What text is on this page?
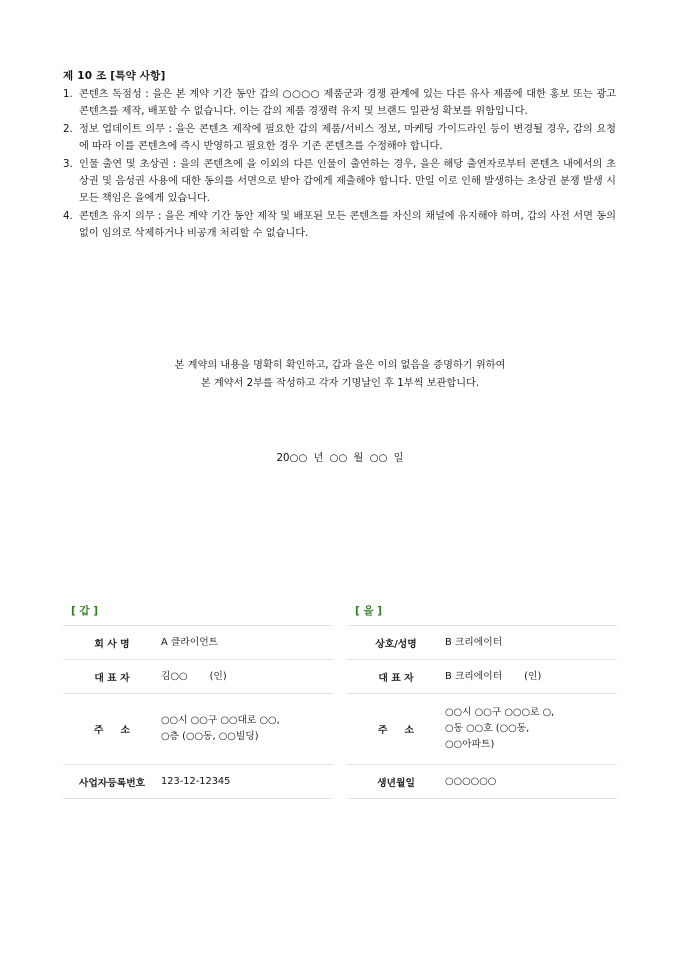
제 10 조 [특약 사항]
1. 콘텐츠 독점성 : 을은 본 계약 기간 동안 갑의 ○○○○ 제품군과 경쟁 관계에 있는 다른 유사 제품에 대한 홍보 또는 광고 콘텐츠를 제작, 배포할 수 없습니다. 이는 갑의 제품 경쟁력 유지 및 브랜드 일관성 확보를 위함입니다.
2. 정보 업데이트 의무 : 을은 콘텐츠 제작에 필요한 갑의 제품/서비스 정보, 마케팅 가이드라인 등이 변경될 경우, 갑의 요청에 따라 이를 콘텐츠에 즉시 반영하고 필요한 경우 기존 콘텐츠를 수정해야 합니다.
3. 인물 출연 및 초상권 : 을의 콘텐츠에 을 이외의 다른 인물이 출연하는 경우, 을은 해당 출연자로부터 콘텐츠 내에서의 초상권 및 음성권 사용에 대한 동의를 서면으로 받아 갑에게 제출해야 합니다. 만일 이로 인해 발생하는 초상권 분쟁 발생 시 모든 책임은 을에게 있습니다.
4. 콘텐츠 유지 의무 : 을은 계약 기간 동안 제작 및 배포된 모든 콘텐츠를 자신의 채널에 유지해야 하며, 갑의 사전 서면 동의 없이 임의로 삭제하거나 비공개 처리할 수 없습니다.
본 계약의 내용을 명확히 확인하고, 갑과 을은 이의 없음을 증명하기 위하여
본 계약서 2부를 작성하고 각자 기명날인 후 1부씩 보관합니다.
20○○ 년 ○○ 월 ○○ 일
[ 갑 ]
회 사 명	A 클라이언트
대 표 자	김○○ (인)
주     소
○○시 ○○구 ○○대로 ○○,
○층 (○○동, ○○빌딩)
사업자등록번호	123-12-12345
[ 을 ]
상호/성명	B 크리에이터
대 표 자	B 크리에이터 (인)
주     소
○○시 ○○구 ○○○로 ○,
○동 ○○호 (○○동,
○○아파트)
생년월일	○○○○○○
